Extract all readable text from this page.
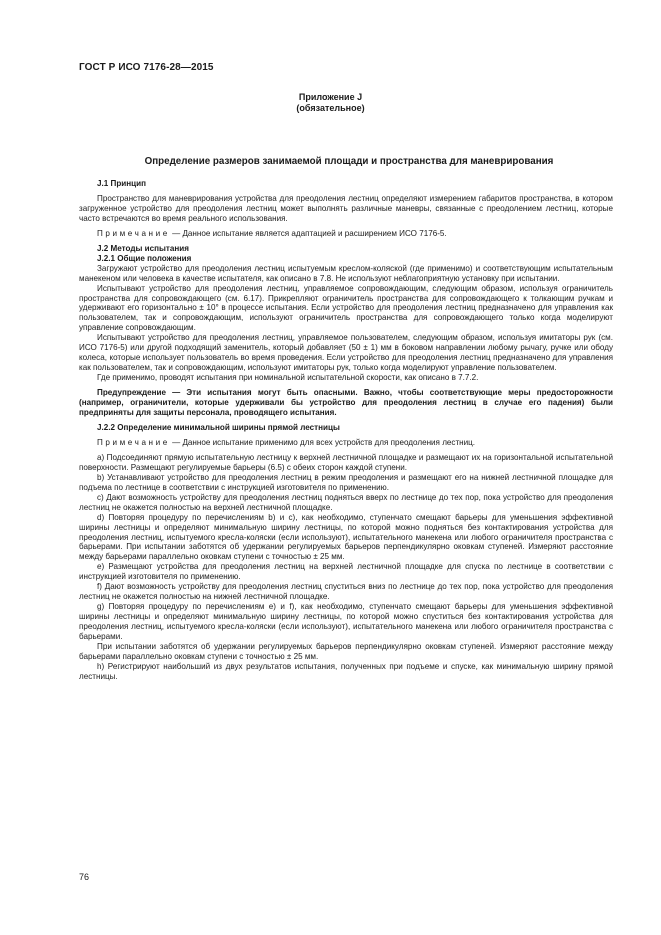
ГОСТ Р ИСО 7176-28—2015
Приложение J
(обязательное)
Определение размеров занимаемой площади и пространства для маневрирования

J.1 Принцип

Пространство для маневрирования устройства для преодоления лестниц определяют измерением габаритов пространства, в котором загруженное устройство для преодоления лестниц может выполнять различные маневры, связанные с преодолением лестниц, которые часто встречаются во время реального использования.

Примечание — Данное испытание является адаптацией и расширением ИСО 7176-5.

J.2 Методы испытания

J.2.1 Общие положения

Загружают устройство для преодоления лестниц испытуемым креслом-коляской (где применимо) и соответствующим испытательным манекеном или человека в качестве испытателя, как описано в 7.8. Не используют неблагоприятную установку при испытании.

Испытывают устройство для преодоления лестниц, управляемое сопровождающим, следующим образом, используя ограничитель пространства для сопровождающего (см. 6.17). Прикрепляют ограничитель пространства для сопровождающего к толкающим ручкам и удерживают его горизонтально ± 10° в процессе испытания. Если устройство для преодоления лестниц предназначено для управления как пользователем, так и сопровождающим, используют ограничитель пространства для сопровождающего только когда моделируют управление сопровождающим.

Испытывают устройство для преодоления лестниц, управляемое пользователем, следующим образом, используя имитаторы рук (см. ИСО 7176-5) или другой подходящий заменитель, который добавляет (50 ± 1) мм в боковом направлении любому рычагу, ручке или ободу колеса, которые использует пользователь во время проведения. Если устройство для преодоления лестниц предназначено для управления как пользователем, так и сопровождающим, используют имитаторы рук, только когда моделируют управление пользователем.

Где применимо, проводят испытания при номинальной испытательной скорости, как описано в 7.7.2.

Предупреждение — Эти испытания могут быть опасными. Важно, чтобы соответствующие меры предосторожности (например, ограничители, которые удерживали бы устройство для преодоления лестниц в случае его падения) были предприняты для защиты персонала, проводящего испытания.

J.2.2 Определение минимальной ширины прямой лестницы

Примечание — Данное испытание применимо для всех устройств для преодоления лестниц.

а) Подсоединяют прямую испытательную лестницу к верхней лестничной площадке и размещают их на горизонтальной испытательной поверхности. Размещают регулируемые барьеры (6.5) с обеих сторон каждой ступени.

b) Устанавливают устройство для преодоления лестниц в режим преодоления и размещают его на нижней лестничной площадке для подъема по лестнице в соответствии с инструкцией изготовителя по применению.

c) Дают возможность устройству для преодоления лестниц подняться вверх по лестнице до тех пор, пока устройство для преодоления лестниц не окажется полностью на верхней лестничной площадке.

d) Повторяя процедуру по перечислениям b) и c), как необходимо, ступенчато смещают барьеры для уменьшения эффективной ширины лестницы и определяют минимальную ширину лестницы, по которой можно подняться без контактирования устройства для преодоления лестниц, испытуемого кресла-коляски (если используют), испытательного манекена или любого ограничителя пространства с барьерами. При испытании заботятся об удержании регулируемых барьеров перпендикулярно оковкам ступеней. Измеряют расстояние между барьерами параллельно оковкам ступени с точностью ± 25 мм.

e) Размещают устройства для преодоления лестниц на верхней лестничной площадке для спуска по лестнице в соответствии с инструкцией изготовителя по применению.

f) Дают возможность устройству для преодоления лестниц спуститься вниз по лестнице до тех пор, пока устройство для преодоления лестниц не окажется полностью на нижней лестничной площадке.

g) Повторяя процедуру по перечислениям e) и f), как необходимо, ступенчато смещают барьеры для уменьшения эффективной ширины лестницы и определяют минимальную ширину лестницы, по которой можно спуститься без контактирования устройства для преодоления лестниц, испытуемого кресла-коляски (если используют), испытательного манекена или любого ограничителя пространства с барьерами.

При испытании заботятся об удержании регулируемых барьеров перпендикулярно оковкам ступеней. Измеряют расстояние между барьерами параллельно оковкам ступени с точностью ± 25 мм.

h) Регистрируют наибольший из двух результатов испытания, полученных при подъеме и спуске, как минимальную ширину прямой лестницы.

76
